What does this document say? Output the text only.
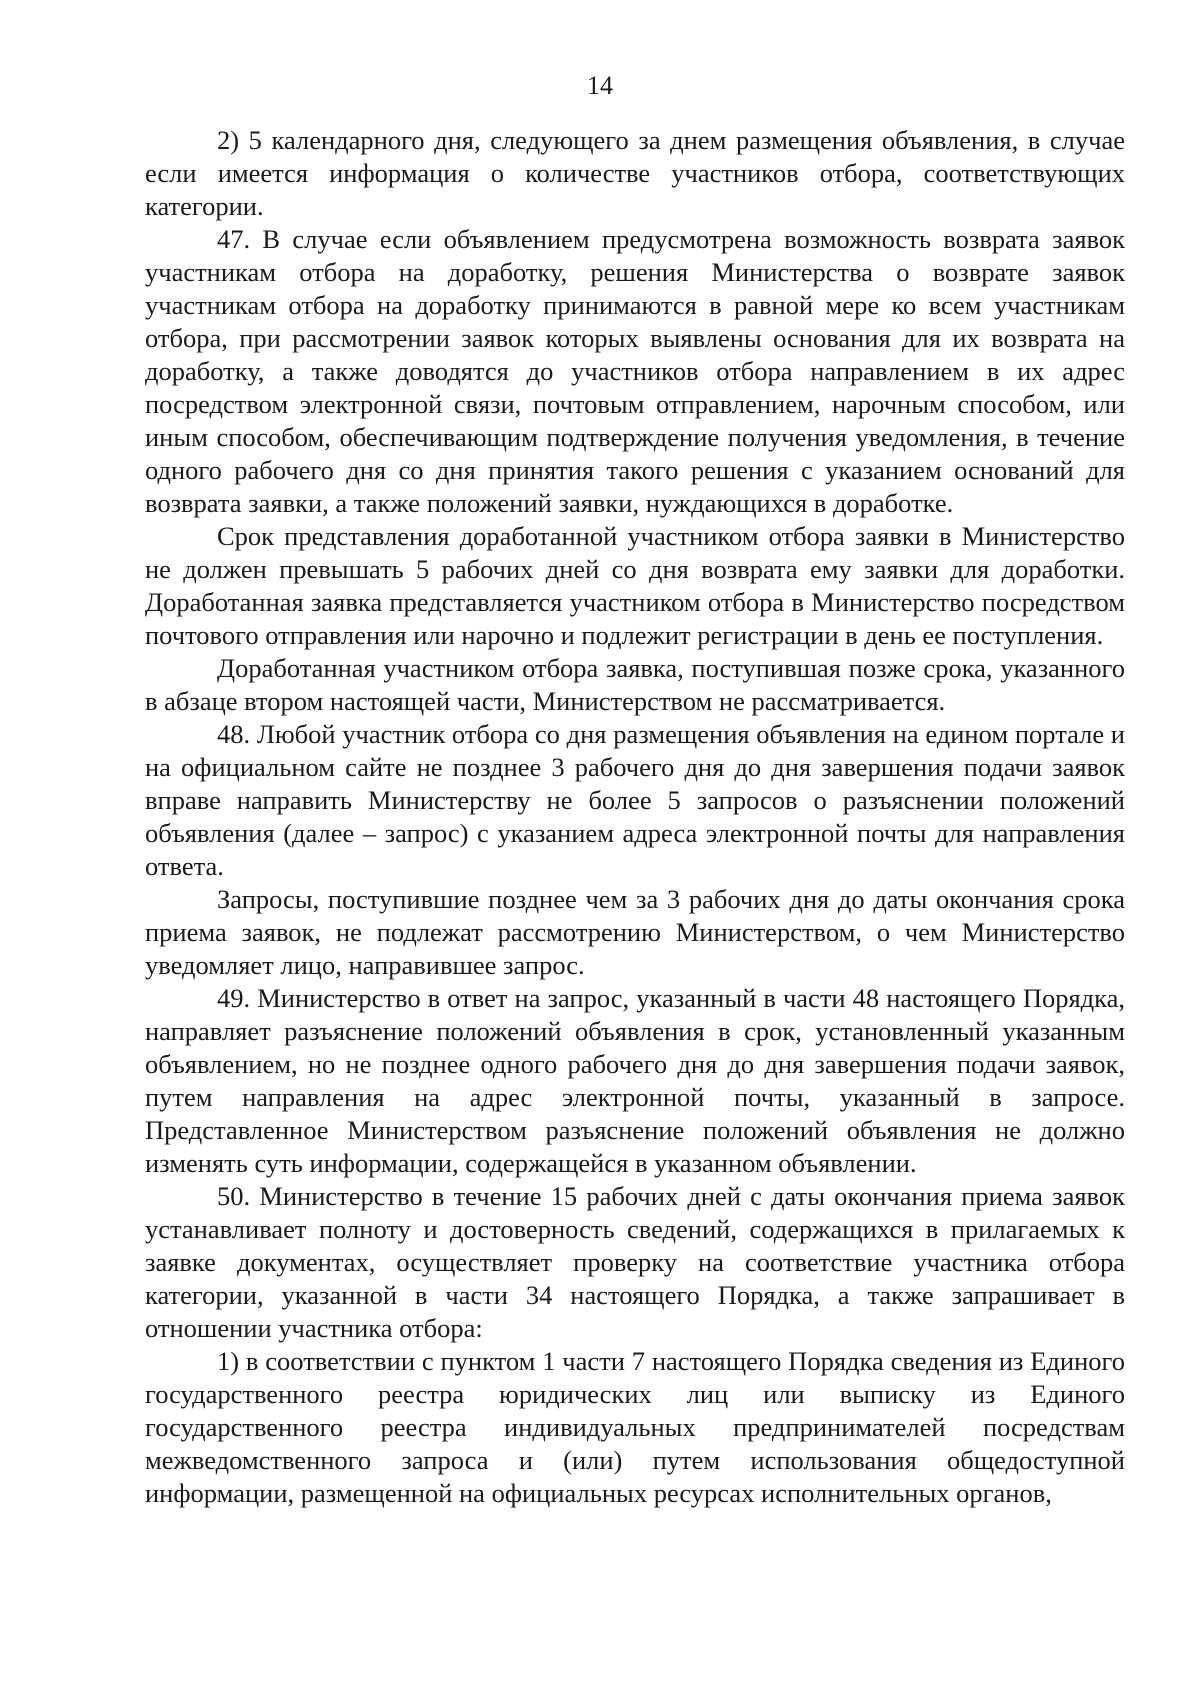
14

2) 5 календарного дня, следующего за днем размещения объявления, в случае если имеется информация о количестве участников отбора, соответствующих категории.

47. В случае если объявлением предусмотрена возможность возврата заявок участникам отбора на доработку, решения Министерства о возврате заявок участникам отбора на доработку принимаются в равной мере ко всем участникам отбора, при рассмотрении заявок которых выявлены основания для их возврата на доработку, а также доводятся до участников отбора направлением в их адрес посредством электронной связи, почтовым отправлением, нарочным способом, или иным способом, обеспечивающим подтверждение получения уведомления, в течение одного рабочего дня со дня принятия такого решения с указанием оснований для возврата заявки, а также положений заявки, нуждающихся в доработке.

Срок представления доработанной участником отбора заявки в Министерство не должен превышать 5 рабочих дней со дня возврата ему заявки для доработки. Доработанная заявка представляется участником отбора в Министерство посредством почтового отправления или нарочно и подлежит регистрации в день ее поступления.

Доработанная участником отбора заявка, поступившая позже срока, указанного в абзаце втором настоящей части, Министерством не рассматривается.

48. Любой участник отбора со дня размещения объявления на едином портале и на официальном сайте не позднее 3 рабочего дня до дня завершения подачи заявок вправе направить Министерству не более 5 запросов о разъяснении положений объявления (далее – запрос) с указанием адреса электронной почты для направления ответа.

Запросы, поступившие позднее чем за 3 рабочих дня до даты окончания срока приема заявок, не подлежат рассмотрению Министерством, о чем Министерство уведомляет лицо, направившее запрос.

49. Министерство в ответ на запрос, указанный в части 48 настоящего Порядка, направляет разъяснение положений объявления в срок, установленный указанным объявлением, но не позднее одного рабочего дня до дня завершения подачи заявок, путем направления на адрес электронной почты, указанный в запросе. Представленное Министерством разъяснение положений объявления не должно изменять суть информации, содержащейся в указанном объявлении.

50. Министерство в течение 15 рабочих дней с даты окончания приема заявок устанавливает полноту и достоверность сведений, содержащихся в прилагаемых к заявке документах, осуществляет проверку на соответствие участника отбора категории, указанной в части 34 настоящего Порядка, а также запрашивает в отношении участника отбора:

1) в соответствии с пунктом 1 части 7 настоящего Порядка сведения из Единого государственного реестра юридических лиц или выписку из Единого государственного реестра индивидуальных предпринимателей посредствам межведомственного запроса и (или) путем использования общедоступной информации, размещенной на официальных ресурсах исполнительных органов,
